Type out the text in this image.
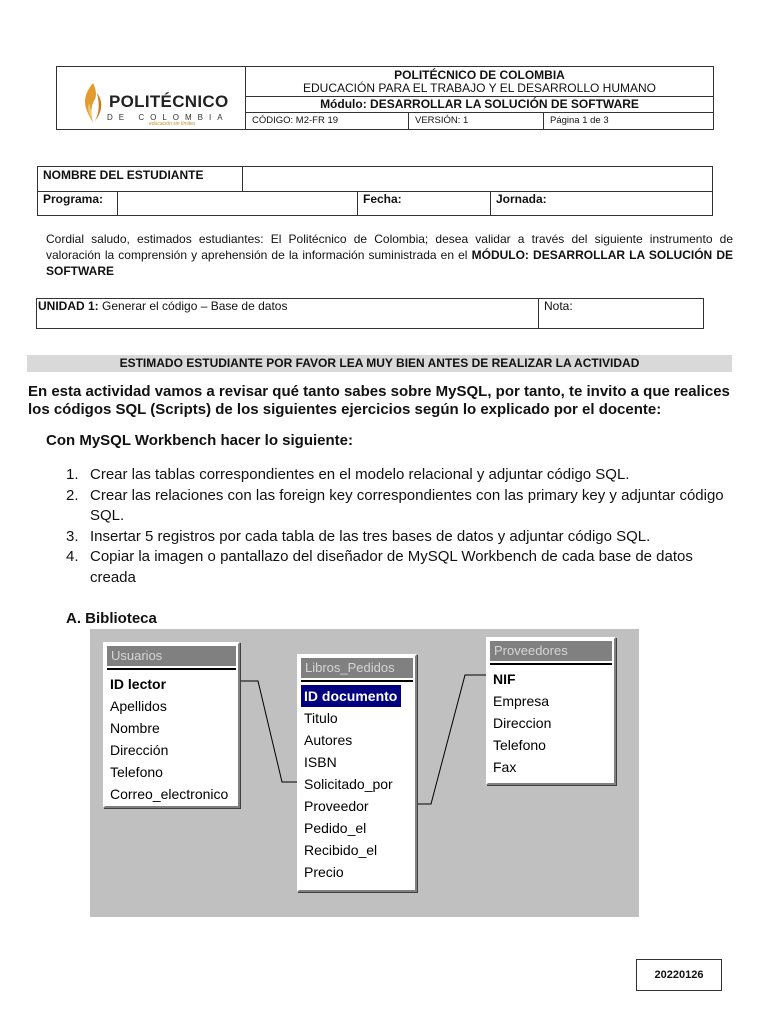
POLITÉCNICO
DE COLOMBIA
educación sin límites
POLITÉCNICO DE COLOMBIA
EDUCACIÓN PARA EL TRABAJO Y EL DESARROLLO HUMANO
Módulo: DESARROLLAR LA SOLUCIÓN DE SOFTWARE
CÓDIGO: M2-FR 19	VERSIÓN: 1	Página 1 de 3
NOMBRE DEL ESTUDIANTE
Programa:	Fecha:	Jornada:
Cordial saludo, estimados estudiantes: El Politécnico de Colombia; desea validar a través del siguiente instrumento de valoración la comprensión y aprehensión de la información suministrada en el MÓDULO: DESARROLLAR LA SOLUCIÓN DE SOFTWARE
UNIDAD 1: Generar el código – Base de datos	Nota:
ESTIMADO ESTUDIANTE POR FAVOR LEA MUY BIEN ANTES DE REALIZAR LA ACTIVIDAD
En esta actividad vamos a revisar qué tanto sabes sobre MySQL, por tanto, te invito a que realices los códigos SQL (Scripts) de los siguientes ejercicios según lo explicado por el docente:
Con MySQL Workbench hacer lo siguiente:
1. Crear las tablas correspondientes en el modelo relacional y adjuntar código SQL.
2. Crear las relaciones con las foreign key correspondientes con las primary key y adjuntar código SQL.
3. Insertar 5 registros por cada tabla de las tres bases de datos y adjuntar código SQL.
4. Copiar la imagen o pantallazo del diseñador de MySQL Workbench de cada base de datos creada
A. Biblioteca
Usuarios
ID lector
Apellidos
Nombre
Dirección
Telefono
Correo_electronico
Libros_Pedidos
ID documento
Titulo
Autores
ISBN
Solicitado_por
Proveedor
Pedido_el
Recibido_el
Precio
Proveedores
NIF
Empresa
Direccion
Telefono
Fax
20220126
